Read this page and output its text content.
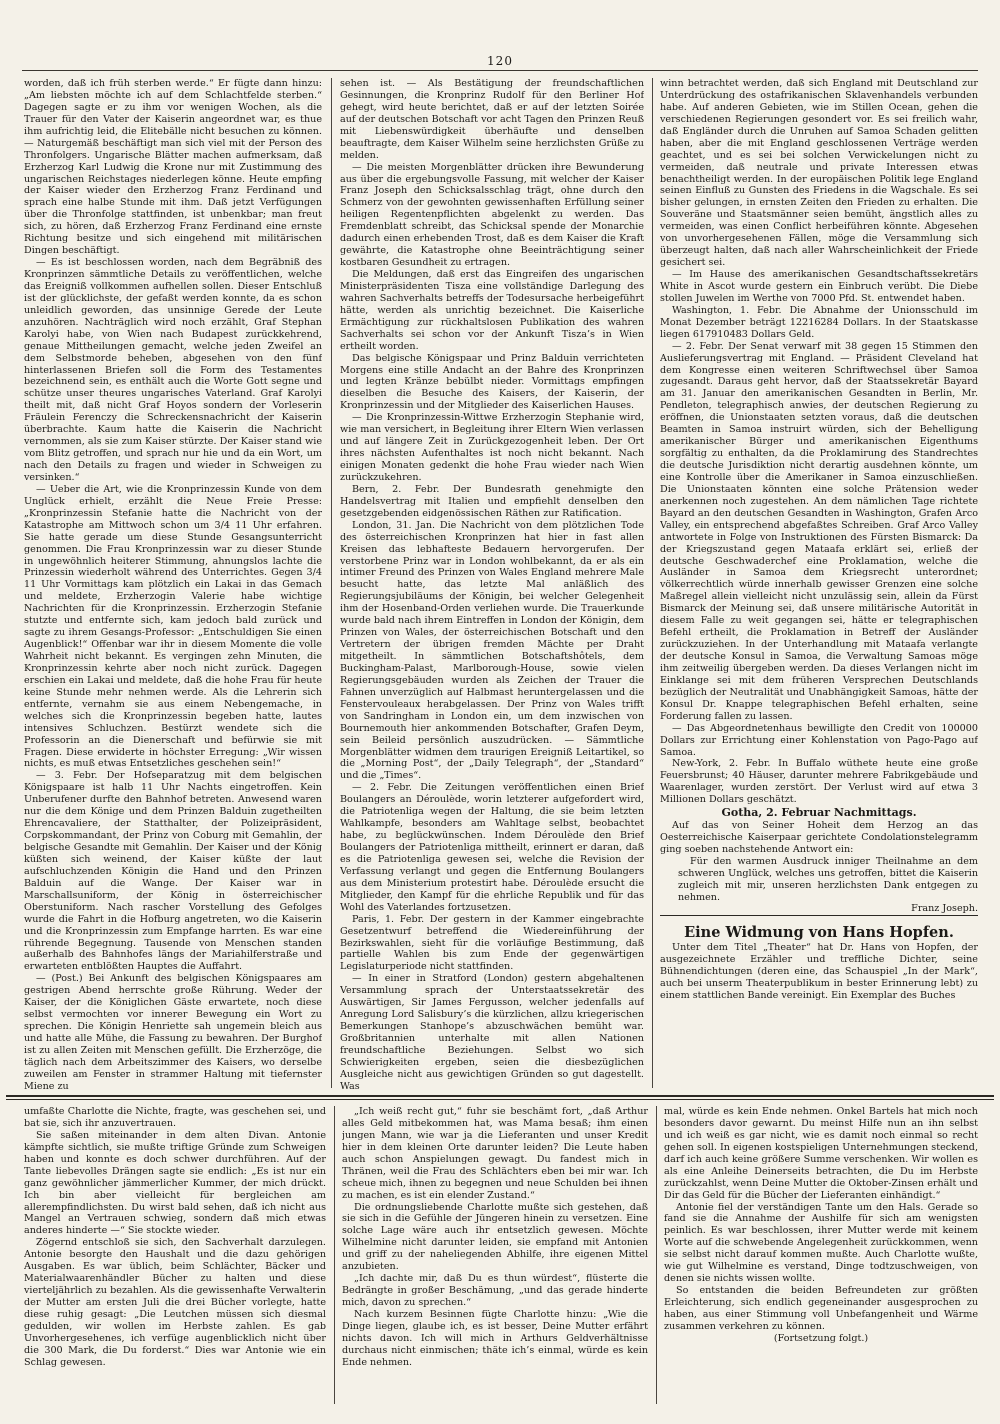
120

worden, daß ich früh sterben werde.“ Er fügte dann hinzu: „Am liebsten möchte ich auf dem Schlachtfelde sterben.“ Dagegen sagte er zu ihm vor wenigen Wochen, als die Trauer für den Vater der Kaiserin angeordnet war, es thue ihm aufrichtig leid, die Elitebälle nicht besuchen zu können. — Naturgemäß beschäftigt man sich viel mit der Person des Thronfolgers. Ungarische Blätter machen aufmerksam, daß Erzherzog Karl Ludwig die Krone nur mit Zustimmung des ungarischen Reichstages niederlegen könne. Heute empfing der Kaiser wieder den Erzherzog Franz Ferdinand und sprach eine halbe Stunde mit ihm. Daß jetzt Verfügungen über die Thronfolge stattfinden, ist unbenkbar; man freut sich, zu hören, daß Erzherzog Franz Ferdinand eine ernste Richtung besitze und sich eingehend mit militärischen Dingen beschäftigt.

— Es ist beschlossen worden, nach dem Begräbniß des Kronprinzen sämmtliche Details zu veröffentlichen, welche das Ereigniß vollkommen aufhellen sollen. Dieser Entschluß ist der glücklichste, der gefaßt werden konnte, da es schon unleidlich geworden, das unsinnige Gerede der Leute anzuhören. Nachträglich wird noch erzählt, Graf Stephan Karolyi habe, von Wien nach Budapest zurückkehrend, genaue Mittheilungen gemacht, welche jeden Zweifel an dem Selbstmorde beheben, abgesehen von den fünf hinterlassenen Briefen soll die Form des Testamentes bezeichnend sein, es enthält auch die Worte Gott segne und schütze unser theures ungarisches Vaterland. Graf Karolyi theilt mit, daß nicht Graf Hoyos sondern der Vorleserin Fräulein Ferenczy die Schreckensnachricht der Kaiserin überbrachte. Kaum hatte die Kaiserin die Nachricht vernommen, als sie zum Kaiser stürzte. Der Kaiser stand wie vom Blitz getroffen, und sprach nur hie und da ein Wort, um nach den Details zu fragen und wieder in Schweigen zu versinken.“

— Ueber die Art, wie die Kronprinzessin Kunde von dem Unglück erhielt, erzählt die Neue Freie Presse: „Kronprinzessin Stefanie hatte die Nachricht von der Katastrophe am Mittwoch schon um 3/4 11 Uhr erfahren. Sie hatte gerade um diese Stunde Gesangsunterricht genommen. Die Frau Kronprinzessin war zu dieser Stunde in ungewöhnlich heiterer Stimmung, ahnungslos lachte die Prinzessin wiederholt während des Unterrichtes. Gegen 3/4 11 Uhr Vormittags kam plötzlich ein Lakai in das Gemach und meldete, Erzherzogin Valerie habe wichtige Nachrichten für die Kronprinzessin. Erzherzogin Stefanie stutzte und entfernte sich, kam jedoch bald zurück und sagte zu ihrem Gesangs-Professor: „Entschuldigen Sie einen Augenblick!“ Offenbar war ihr in diesem Momente die volle Wahrheit nicht bekannt. Es vergingen zehn Minuten, die Kronprinzessin kehrte aber noch nicht zurück. Dagegen erschien ein Lakai und meldete, daß die hohe Frau für heute keine Stunde mehr nehmen werde. Als die Lehrerin sich entfernte, vernahm sie aus einem Nebengemache, in welches sich die Kronprinzessin begeben hatte, lautes intensives Schluchzen. Bestürzt wendete sich die Professorin an die Dienerschaft und befürwie sie mit Fragen. Diese erwiderte in höchster Erregung: „Wir wissen nichts, es muß etwas Entsetzliches geschehen sein!“

— 3. Febr. Der Hofseparatzug mit dem belgischen Königspaare ist halb 11 Uhr Nachts eingetroffen. Kein Unberufener durfte den Bahnhof betreten. Anwesend waren nur die dem Könige und dem Prinzen Balduin zugetheilten Ehrencavaliere, der Statthalter, der Polizeipräsident, Corpskommandant, der Prinz von Coburg mit Gemahlin, der belgische Gesandte mit Gemahlin. Der Kaiser und der König küßten sich weinend, der Kaiser küßte der laut aufschluchzenden Königin die Hand und den Prinzen Balduin auf die Wange. Der Kaiser war in Marschallsuniform, der König in österreichischer Oberstuniform. Nach rascher Vorstellung des Gefolges wurde die Fahrt in die Hofburg angetreten, wo die Kaiserin und die Kronprinzessin zum Empfange harrten. Es war eine rührende Begegnung. Tausende von Menschen standen außerhalb des Bahnhofes längs der Mariahilferstraße und erwarteten entblößten Hauptes die Auffahrt.

— (Post.) Bei Ankunft des belgischen Königspaares am gestrigen Abend herrschte große Rührung. Weder der Kaiser, der die Königlichen Gäste erwartete, noch diese selbst vermochten vor innerer Bewegung ein Wort zu sprechen. Die Königin Henriette sah ungemein bleich aus und hatte alle Mühe, die Fassung zu bewahren. Der Burghof ist zu allen Zeiten mit Menschen gefüllt. Die Erzherzöge, die täglich nach dem Arbeitszimmer des Kaisers, wo derselbe zuweilen am Fenster in strammer Haltung mit tiefernster Miene zu

sehen ist. — Als Bestätigung der freundschaftlichen Gesinnungen, die Kronprinz Rudolf für den Berliner Hof gehegt, wird heute berichtet, daß er auf der letzten Soirée auf der deutschen Botschaft vor acht Tagen den Prinzen Reuß mit Liebenswürdigkeit überhäufte und denselben beauftragte, dem Kaiser Wilhelm seine herzlichsten Grüße zu melden.

— Die meisten Morgenblätter drücken ihre Bewunderung aus über die ergebungsvolle Fassung, mit welcher der Kaiser Franz Joseph den Schicksalsschlag trägt, ohne durch den Schmerz von der gewohnten gewissenhaften Erfüllung seiner heiligen Regentenpflichten abgelenkt zu werden. Das Fremdenblatt schreibt, das Schicksal spende der Monarchie dadurch einen erhebenden Trost, daß es dem Kaiser die Kraft gewährte, die Katastrophe ohne Beeinträchtigung seiner kostbaren Gesundheit zu ertragen.

Die Meldungen, daß erst das Eingreifen des ungarischen Ministerpräsidenten Tisza eine vollständige Darlegung des wahren Sachverhalts betreffs der Todesursache herbeigeführt hätte, werden als unrichtig bezeichnet. Die Kaiserliche Ermächtigung zur rückhaltslosen Publikation des wahren Sachverhalts sei schon vor der Ankunft Tisza’s in Wien ertheilt worden.

Das belgische Königspaar und Prinz Balduin verrichteten Morgens eine stille Andacht an der Bahre des Kronprinzen und legten Kränze bebülbt nieder. Vormittags empfingen dieselben die Besuche des Kaisers, der Kaiserin, der Kronprinzessin und der Mitglieder des Kaiserlichen Hauses.

— Die Kronprinzessin-Wittwe Erzherzogin Stephanie wird, wie man versichert, in Begleitung ihrer Eltern Wien verlassen und auf längere Zeit in Zurückgezogenheit leben. Der Ort ihres nächsten Aufenthaltes ist noch nicht bekannt. Nach einigen Monaten gedenkt die hohe Frau wieder nach Wien zurückzukehren.

Bern, 2. Febr. Der Bundesrath genehmigte den Handelsvertrag mit Italien und empfiehlt denselben den gesetzgebenden eidgenössischen Räthen zur Ratification.

London, 31. Jan. Die Nachricht von dem plötzlichen Tode des österreichischen Kronprinzen hat hier in fast allen Kreisen das lebhafteste Bedauern hervorgerufen. Der verstorbene Prinz war in London wohlbekannt, da er als ein intimer Freund des Prinzen von Wales England mehrere Male besucht hatte, das letzte Mal anläßlich des Regierungsjubiläums der Königin, bei welcher Gelegenheit ihm der Hosenband-Orden verliehen wurde. Die Trauerkunde wurde bald nach ihrem Eintreffen in London der Königin, dem Prinzen von Wales, der österreichischen Botschaft und den Vertretern der übrigen fremden Mächte per Draht mitgetheilt. In sämmtlichen Botschaftshôtels, dem Buckingham-Palast, Marlborough-House, sowie vielen Regierungsgebäuden wurden als Zeichen der Trauer die Fahnen unverzüglich auf Halbmast heruntergelassen und die Fenstervouleaux herabgelassen. Der Prinz von Wales trifft von Sandringham in London ein, um dem inzwischen von Bournemouth hier ankommenden Botschafter, Grafen Deym, sein Beileid persönlich auszudrücken. — Sämmtliche Morgenblätter widmen dem traurigen Ereigniß Leitartikel, so die „Morning Post“, der „Daily Telegraph“, der „Standard“ und die „Times“.

— 2. Febr. Die Zeitungen veröffentlichen einen Brief Boulangers an Déroulède, worin letzterer aufgefordert wird, die Patriotenliga wegen der Haltung, die sie beim letzten Wahlkampfe, besonders am Wahltage selbst, beobachtet habe, zu beglückwünschen. Indem Déroulède den Brief Boulangers der Patriotenliga mittheilt, erinnert er daran, daß es die Patriotenliga gewesen sei, welche die Revision der Verfassung verlangt und gegen die Entfernung Boulangers aus dem Ministerium protestirt habe. Déroulède ersucht die Mitglieder, den Kampf für die ehrliche Republik und für das Wohl des Vaterlandes fortzusetzen.

Paris, 1. Febr. Der gestern in der Kammer eingebrachte Gesetzentwurf betreffend die Wiedereinführung der Bezirkswahlen, sieht für die vorläufige Bestimmung, daß partielle Wahlen bis zum Ende der gegenwärtigen Legislaturperiode nicht stattfinden.

— In einer in Stratford (London) gestern abgehaltenen Versammlung sprach der Unterstaatssekretär des Auswärtigen, Sir James Fergusson, welcher jedenfalls auf Anregung Lord Salisbury’s die kürzlichen, allzu kriegerischen Bemerkungen Stanhope’s abzuschwächen bemüht war. Großbritannien unterhalte mit allen Nationen freundschaftliche Beziehungen. Selbst wo sich Schwierigkeiten ergeben, seien die diesbezüglichen Ausgleiche nicht aus gewichtigen Gründen so gut dagestellt. Was

winn betrachtet werden, daß sich England mit Deutschland zur Unterdrückung des ostafrikanischen Sklavenhandels verbunden habe. Auf anderen Gebieten, wie im Stillen Ocean, gehen die verschiedenen Regierungen gesondert vor. Es sei freilich wahr, daß Engländer durch die Unruhen auf Samoa Schaden gelitten haben, aber die mit England geschlossenen Verträge werden geachtet, und es sei bei solchen Verwickelungen nicht zu vermeiden, daß neutrale und private Interessen etwas benachtheiligt werden. In der europäischen Politik lege England seinen Einfluß zu Gunsten des Friedens in die Wagschale. Es sei bisher gelungen, in ernsten Zeiten den Frieden zu erhalten. Die Souveräne und Staatsmänner seien bemüht, ängstlich alles zu vermeiden, was einen Conflict herbeiführen könnte. Abgesehen von unvorhergesehenen Fällen, möge die Versammlung sich überzeugt halten, daß nach aller Wahrscheinlichkeit der Friede gesichert sei.

— Im Hause des amerikanischen Gesandtschaftssekretärs White in Ascot wurde gestern ein Einbruch verübt. Die Diebe stollen Juwelen im Werthe von 7000 Pfd. St. entwendet haben.

Washington, 1. Febr. Die Abnahme der Unionsschuld im Monat Dezember beträgt 12216284 Dollars. In der Staatskasse liegen 617910483 Dollars Geld.

— 2. Febr. Der Senat verwarf mit 38 gegen 15 Stimmen den Auslieferungsvertrag mit England. — Präsident Cleveland hat dem Kongresse einen weiteren Schriftwechsel über Samoa zugesandt. Daraus geht hervor, daß der Staatssekretär Bayard am 31. Januar den amerikanischen Gesandten in Berlin, Mr. Pendleton, telegraphisch anwies, der deutschen Regierung zu eröffnen, die Unionstaaten setzten voraus, daß die deutschen Beamten in Samoa instruirt würden, sich der Behelligung amerikanischer Bürger und amerikanischen Eigenthums sorgfältig zu enthalten, da die Proklamirung des Standrechtes die deutsche Jurisdiktion nicht derartig ausdehnen könnte, um eine Kontrolle über die Amerikaner in Samoa einzuschließen. Die Unionstaaten könnten eine solche Prätension weder anerkennen noch zugestehen. An dem nämlichen Tage richtete Bayard an den deutschen Gesandten in Washington, Grafen Arco Valley, ein entsprechend abgefaßtes Schreiben. Graf Arco Valley antwortete in Folge von Instruktionen des Fürsten Bismarck: Da der Kriegszustand gegen Mataafa erklärt sei, erließ der deutsche Geschwaderchef eine Proklamation, welche die Ausländer in Samoa dem Kriegsrecht unterordnet; völkerrechtlich würde innerhalb gewisser Grenzen eine solche Maßregel allein vielleicht nicht unzulässig sein, allein da Fürst Bismarck der Meinung sei, daß unsere militärische Autorität in diesem Falle zu weit gegangen sei, hätte er telegraphischen Befehl ertheilt, die Proklamation in Betreff der Ausländer zurückzuziehen. In der Unterhandlung mit Mataafa verlangte der deutsche Konsul in Samoa, die Verwaltung Samoas möge ihm zeitweilig übergeben werden. Da dieses Verlangen nicht im Einklange sei mit dem früheren Versprechen Deutschlands bezüglich der Neutralität und Unabhängigkeit Samoas, hätte der Konsul Dr. Knappe telegraphischen Befehl erhalten, seine Forderung fallen zu lassen.

— Das Abgeordnetenhaus bewilligte den Credit von 100000 Dollars zur Errichtung einer Kohlenstation von Pago-Pago auf Samoa.

New-York, 2. Febr. In Buffalo wüthete heute eine große Feuersbrunst; 40 Häuser, darunter mehrere Fabrikgebäude und Waarenlager, wurden zerstört. Der Verlust wird auf etwa 3 Millionen Dollars geschätzt.

Gotha, 2. Februar Nachmittags.

Auf das von Seiner Hoheit dem Herzog an das Oesterreichische Kaiserpaar gerichtete Condolationstelegramm ging soeben nachstehende Antwort ein:

Für den warmen Ausdruck inniger Theilnahme an dem schweren Unglück, welches uns getroffen, bittet die Kaiserin zugleich mit mir, unseren herzlichsten Dank entgegen zu nehmen.

Franz Joseph.

Eine Widmung von Hans Hopfen.

Unter dem Titel „Theater“ hat Dr. Hans von Hopfen, der ausgezeichnete Erzähler und treffliche Dichter, seine Bühnendichtungen (deren eine, das Schauspiel „In der Mark“, auch bei unserm Theaterpublikum in bester Erinnerung lebt) zu einem stattlichen Bande vereinigt. Ein Exemplar des Buches

umfaßte Charlotte die Nichte, fragte, was geschehen sei, und bat sie, sich ihr anzuvertrauen.

Sie saßen miteinander in dem alten Divan. Antonie kämpfte sichtlich, sie mußte triftige Gründe zum Schweigen haben und konnte es doch schwer durchführen. Auf der Tante liebevolles Drängen sagte sie endlich: „Es ist nur ein ganz gewöhnlicher jämmerlicher Kummer, der mich drückt. Ich bin aber vielleicht für bergleichen am allerempfindlichsten. Du wirst bald sehen, daß ich nicht aus Mangel an Vertrauen schwieg, sondern daß mich etwas anderes hinderte —“ Sie stockte wieder.

Zögernd entschloß sie sich, den Sachverhalt darzulegen. Antonie besorgte den Haushalt und die dazu gehörigen Ausgaben. Es war üblich, beim Schlächter, Bäcker und Materialwaarenhändler Bücher zu halten und diese vierteljährlich zu bezahlen. Als die gewissenhafte Verwalterin der Mutter am ersten Juli die drei Bücher vorlegte, hatte diese ruhig gesagt: „Die Leutchen müssen sich diesmal gedulden, wir wollen im Herbste zahlen. Es gab Unvorhergesehenes, ich verfüge augenblicklich nicht über die 300 Mark, die Du forderst.“ Dies war Antonie wie ein Schlag gewesen.

„Ich weiß recht gut,“ fuhr sie beschämt fort, „daß Arthur alles Geld mitbekommen hat, was Mama besaß; ihm einen jungen Mann, wie war ja die Lieferanten und unser Kredit hier in dem kleinen Orte darunter leiden? Die Leute haben auch schon Anspielungen gewagt. Du fandest mich in Thränen, weil die Frau des Schlächters eben bei mir war. Ich scheue mich, ihnen zu begegnen und neue Schulden bei ihnen zu machen, es ist ein elender Zustand.“

Die ordnungsliebende Charlotte mußte sich gestehen, daß sie sich in die Gefühle der Jüngeren hinein zu versetzen. Eine solche Lage wäre auch ihr entsetzlich gewesen. Möchte Wilhelmine nicht darunter leiden, sie empfand mit Antonien und griff zu der naheliegenden Abhilfe, ihre eigenen Mittel anzubieten.

„Ich dachte mir, daß Du es thun würdest“, flüsterte die Bedrängte in großer Beschämung, „und das gerade hinderte mich, davon zu sprechen.“

Nach kurzem Besinnen fügte Charlotte hinzu: „Wie die Dinge liegen, glaube ich, es ist besser, Deine Mutter erfährt nichts davon. Ich will mich in Arthurs Geldverhältnisse durchaus nicht einmischen; thäte ich’s einmal, würde es kein Ende nehmen.

mal, würde es kein Ende nehmen. Onkel Bartels hat mich noch besonders davor gewarnt. Du meinst Hilfe nun an ihn selbst und ich weiß es gar nicht, wie es damit noch einmal so recht gehen soll. In eigenen kostspieligen Unternehmungen steckend, darf ich auch keine größere Summe verschenken. Wir wollen es als eine Anleihe Deinerseits betrachten, die Du im Herbste zurückzahlst, wenn Deine Mutter die Oktober-Zinsen erhält und Dir das Geld für die Bücher der Lieferanten einhändigt.“

Antonie fiel der verständigen Tante um den Hals. Gerade so fand sie die Annahme der Aushilfe für sich am wenigsten peinlich. Es war beschlossen, ihrer Mutter werde mit keinem Worte auf die schwebende Angelegenheit zurückkommen, wenn sie selbst nicht darauf kommen mußte. Auch Charlotte wußte, wie gut Wilhelmine es verstand, Dinge todtzuschweigen, von denen sie nichts wissen wollte.

So entstanden die beiden Befreundeten zur größten Erleichterung, sich endlich gegeneinander ausgesprochen zu haben, aus einer Stimmung voll Unbefangenheit und Wärme zusammen verkehren zu können.

(Fortsetzung folgt.)
